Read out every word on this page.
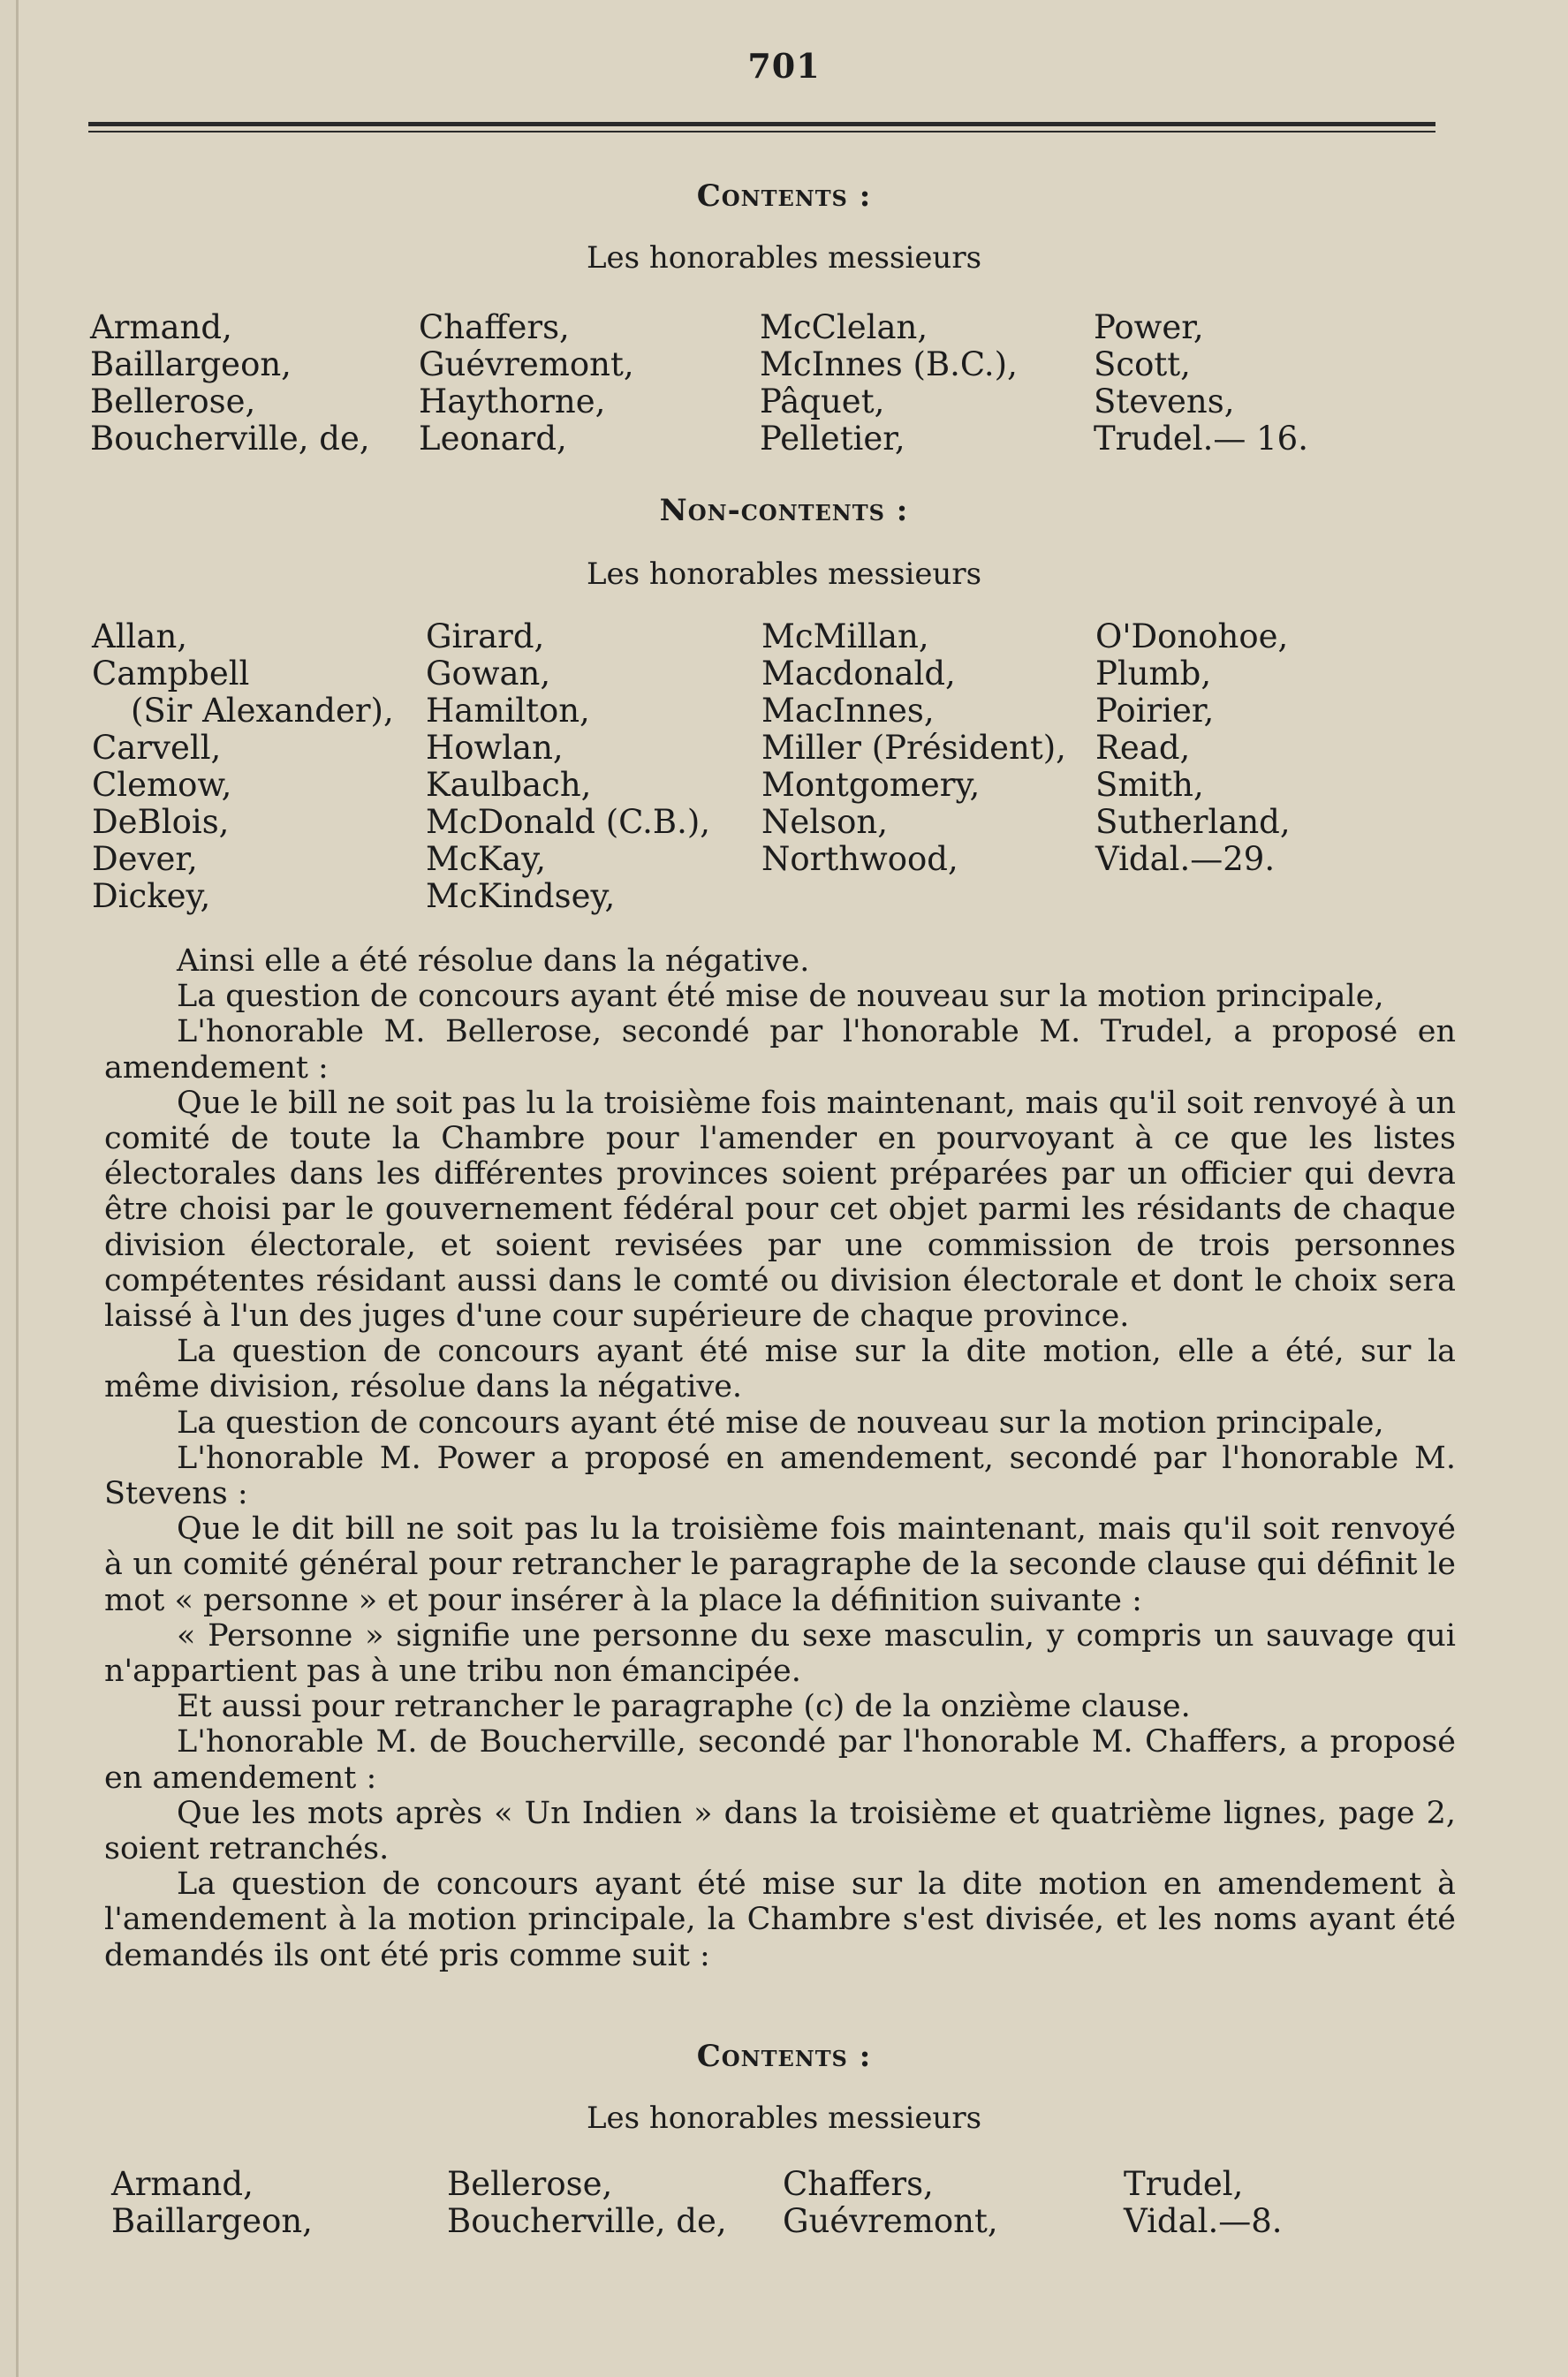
701
Contents :
Les honorables messieurs
Armand,
Baillargeon,
Bellerose,
Boucherville, de,
Chaffers,
Guévremont,
Haythorne,
Leonard,
McClelan,
McInnes (B.C.),
Pâquet,
Pelletier,
Power,
Scott,
Stevens,
Trudel.— 16.
Non-contents :
Les honorables messieurs
Allan,
Campbell
(Sir Alexander),
Carvell,
Clemow,
DeBlois,
Dever,
Dickey,
Girard,
Gowan,
Hamilton,
Howlan,
Kaulbach,
McDonald (C.B.),
McKay,
McKindsey,
McMillan,
Macdonald,
MacInnes,
Miller (Président),
Montgomery,
Nelson,
Northwood,
O'Donohoe,
Plumb,
Poirier,
Read,
Smith,
Sutherland,
Vidal.—29.

Ainsi elle a été résolue dans la négative.

La question de concours ayant été mise de nouveau sur la motion principale,

L'honorable M. Bellerose, secondé par l'honorable M. Trudel, a proposé en amendement :

Que le bill ne soit pas lu la troisième fois maintenant, mais qu'il soit renvoyé à un comité de toute la Chambre pour l'amender en pourvoyant à ce que les listes électorales dans les différentes provinces soient préparées par un officier qui devra être choisi par le gouvernement fédéral pour cet objet parmi les résidants de chaque division électorale, et soient revisées par une commission de trois personnes compétentes résidant aussi dans le comté ou division électorale et dont le choix sera laissé à l'un des juges d'une cour supérieure de chaque province.

La question de concours ayant été mise sur la dite motion, elle a été, sur la même division, résolue dans la négative.

La question de concours ayant été mise de nouveau sur la motion principale,

L'honorable M. Power a proposé en amendement, secondé par l'honorable M. Stevens :

Que le dit bill ne soit pas lu la troisième fois maintenant, mais qu'il soit renvoyé à un comité général pour retrancher le paragraphe de la seconde clause qui définit le mot « personne » et pour insérer à la place la définition suivante :

« Personne » signifie une personne du sexe masculin, y compris un sauvage qui n'appartient pas à une tribu non émancipée.

Et aussi pour retrancher le paragraphe (c) de la onzième clause.

L'honorable M. de Boucherville, secondé par l'honorable M. Chaffers, a proposé en amendement :

Que les mots après « Un Indien » dans la troisième et quatrième lignes, page 2, soient retranchés.

La question de concours ayant été mise sur la dite motion en amendement à l'amendement à la motion principale, la Chambre s'est divisée, et les noms ayant été demandés ils ont été pris comme suit :

Contents :
Les honorables messieurs
Armand,
Baillargeon,
Bellerose,
Boucherville, de,
Chaffers,
Guévremont,
Trudel,
Vidal.—8.
